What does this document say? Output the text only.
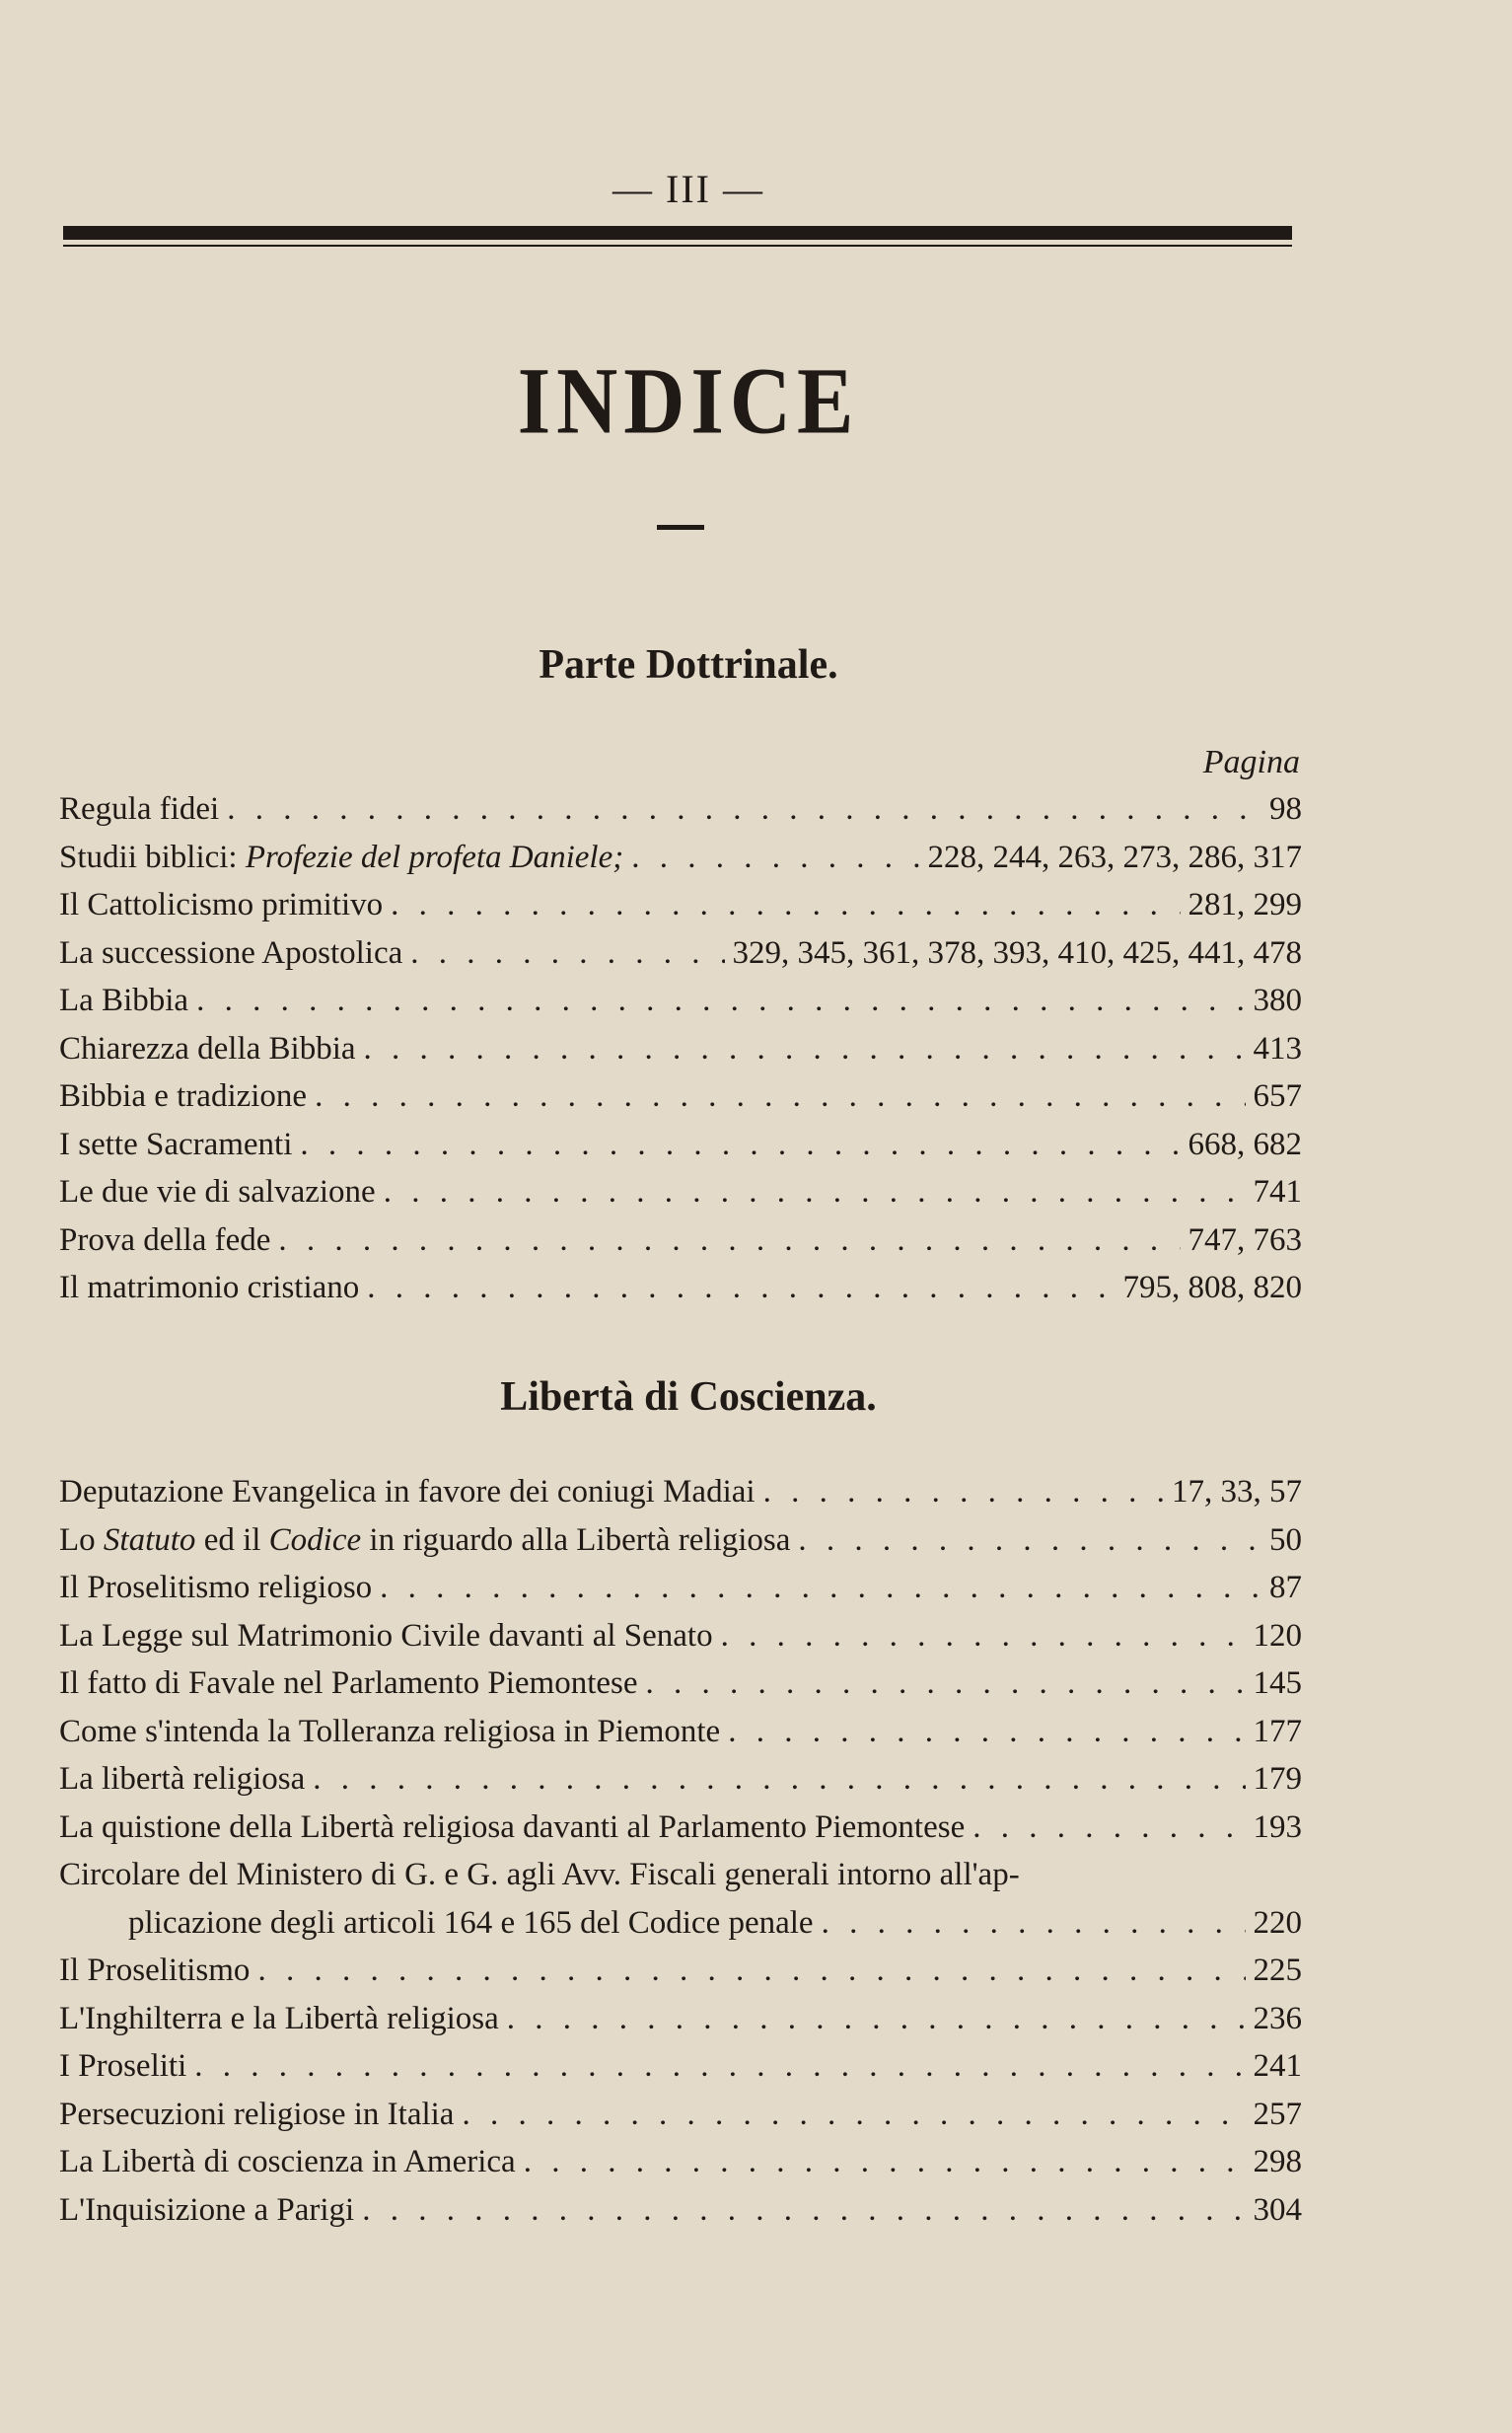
— III —
INDICE
Parte Dottrinale.
Pagina
Regula fidei . . .	98
Studii biblici: Profezie del profeta Daniele; . . .	228, 244, 263, 273, 286, 317
Il Cattolicismo primitivo . . .	281, 299
La successione Apostolica . . .	329, 345, 361, 378, 393, 410, 425, 441, 478
La Bibbia . . .	380
Chiarezza della Bibbia . . .	413
Bibbia e tradizione . . .	657
I sette Sacramenti . . .	668, 682
Le due vie di salvazione . . .	741
Prova della fede . . .	747, 763
Il matrimonio cristiano . . .	795, 808, 820
Libertà di Coscienza.
Deputazione Evangelica in favore dei coniugi Madiai . . .	17, 33, 57
Lo Statuto ed il Codice in riguardo alla Libertà religiosa . . .	50
Il Proselitismo religioso . . .	87
La Legge sul Matrimonio Civile davanti al Senato . . .	120
Il fatto di Favale nel Parlamento Piemontese . . .	145
Come s'intenda la Tolleranza religiosa in Piemonte . . .	177
La libertà religiosa . . .	179
La quistione della Libertà religiosa davanti al Parlamento Piemontese . . .	193
Circolare del Ministero di G. e G. agli Avv. Fiscali generali intorno all'ap-
plicazione degli articoli 164 e 165 del Codice penale . . .	220
Il Proselitismo . . .	225
L'Inghilterra e la Libertà religiosa . . .	236
I Proseliti . . .	241
Persecuzioni religiose in Italia . . .	257
La Libertà di coscienza in America . . .	298
L'Inquisizione a Parigi . . .	304
